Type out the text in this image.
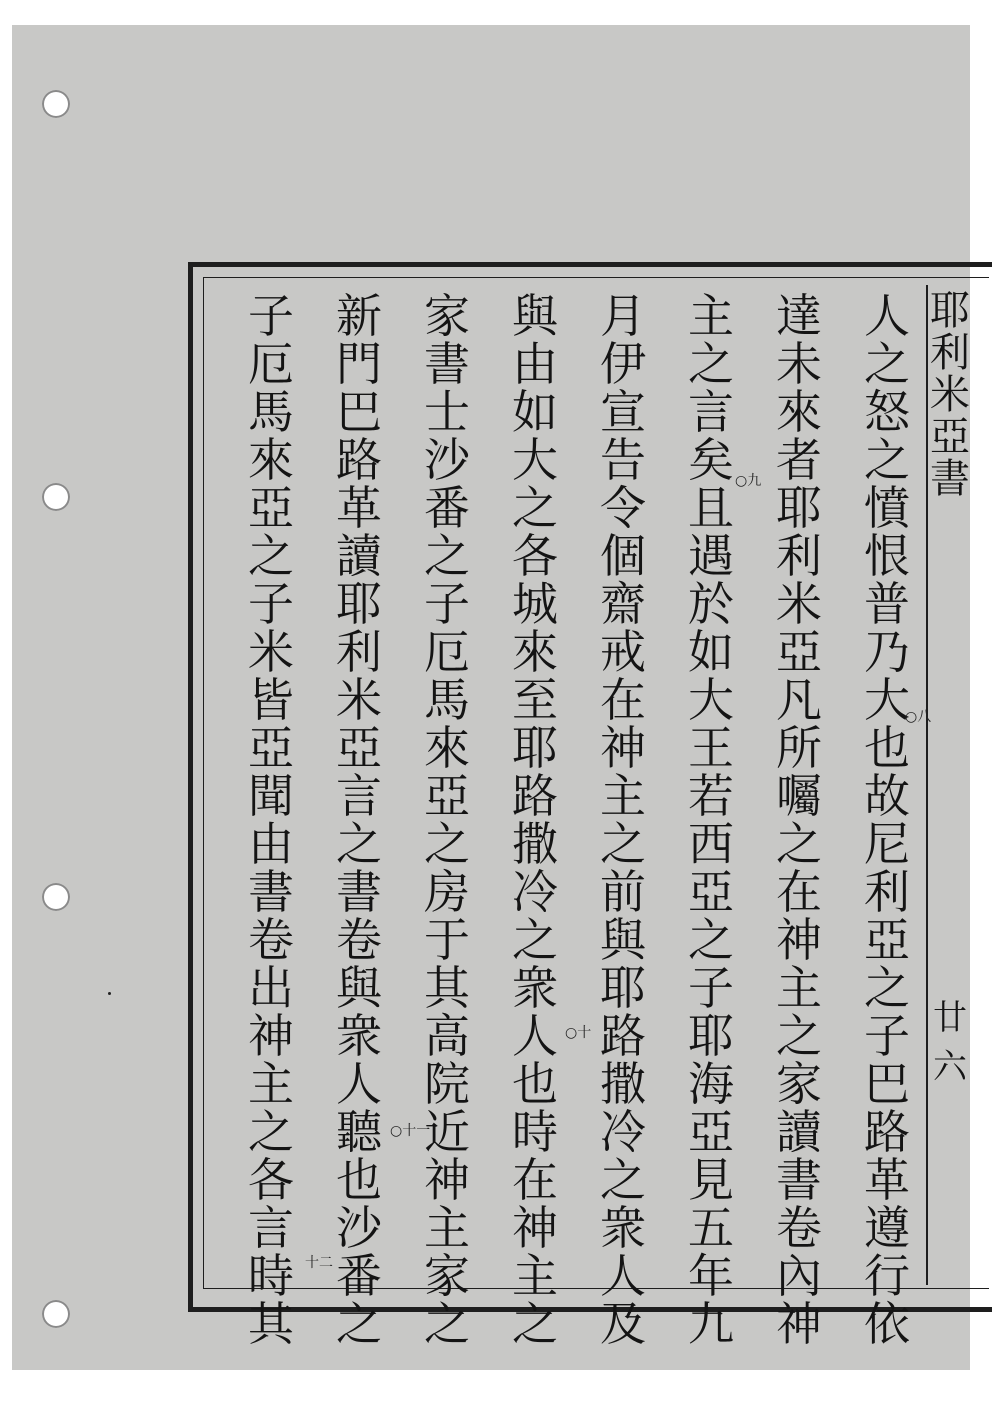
耶
利
米
亞
書
廿六
人
之
怒
之
憤
恨
普
乃
大
也
故
尼
利
亞
之
子
巴
路
革
遵
行
依
達
未
來
者
耶
利
米
亞
凡
所
囑
之
在
神
主
之
家
讀
書
卷
內
神
主
之
言
矣
且
遇
於
如
大
王
若
西
亞
之
子
耶
海
亞
見
五
年
九
月
伊
宣
告
令
個
齋
戒
在
神
主
之
前
與
耶
路
撒
冷
之
衆
人
及
與
由
如
大
之
各
城
來
至
耶
路
撒
冷
之
衆
人
也
時
在
神
主
之
家
書
士
沙
番
之
子
厄
馬
來
亞
之
房
于
其
高
院
近
神
主
家
之
新
門
巴
路
革
讀
耶
利
米
亞
言
之
書
卷
與
衆
人
聽
也
沙
番
之
子
厄
馬
來
亞
之
子
米
皆
亞
聞
由
書
卷
出
神
主
之
各
言
時
其
○八
○九
○十
○十一
十二
